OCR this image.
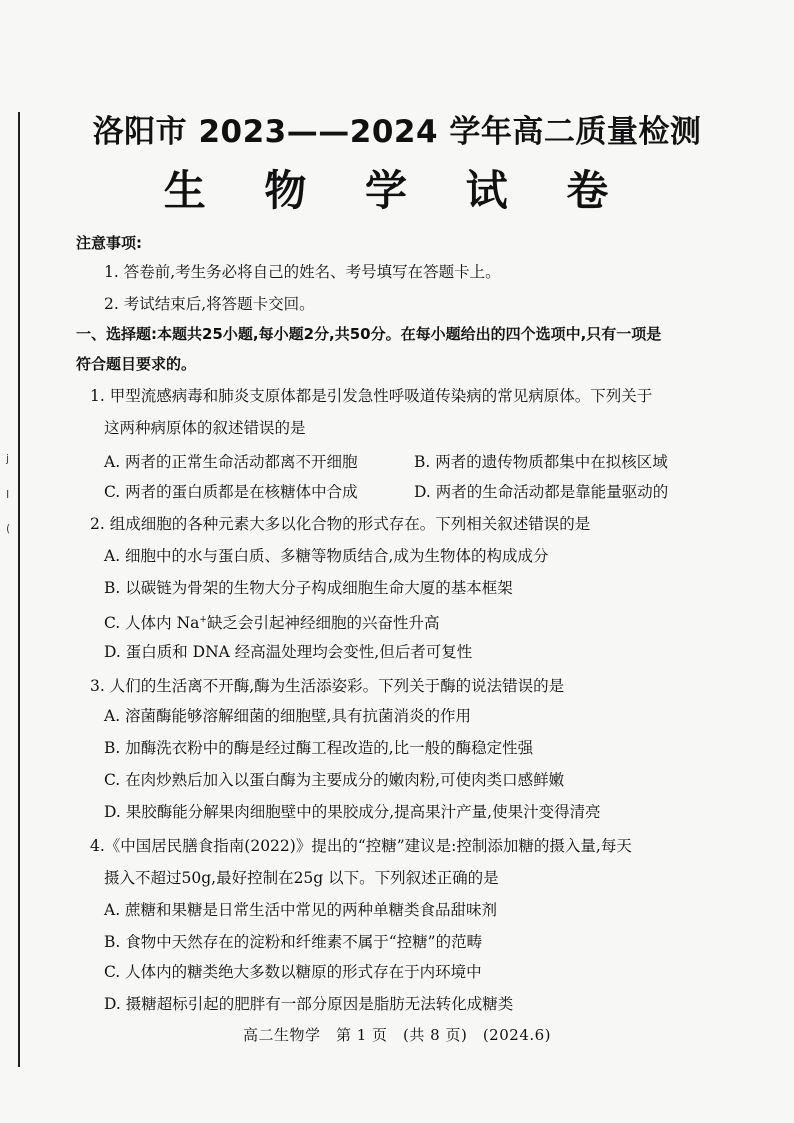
j
I
(
洛阳市 2023——2024 学年高二质量检测
生 物 学 试 卷
注意事项:
1. 答卷前,考生务必将自己的姓名、考号填写在答题卡上。
2. 考试结束后,将答题卡交回。
一、选择题:本题共25小题,每小题2分,共50分。在每小题给出的四个选项中,只有一项是
符合题目要求的。
1. 甲型流感病毒和肺炎支原体都是引发急性呼吸道传染病的常见病原体。下列关于
这两种病原体的叙述错误的是
A. 两者的正常生命活动都离不开细胞	B. 两者的遗传物质都集中在拟核区域
C. 两者的蛋白质都是在核糖体中合成	D. 两者的生命活动都是靠能量驱动的
2. 组成细胞的各种元素大多以化合物的形式存在。下列相关叙述错误的是
A. 细胞中的水与蛋白质、多糖等物质结合,成为生物体的构成成分
B. 以碳链为骨架的生物大分子构成细胞生命大厦的基本框架
C. 人体内 Na+缺乏会引起神经细胞的兴奋性升高
D. 蛋白质和 DNA 经高温处理均会变性,但后者可复性
3. 人们的生活离不开酶,酶为生活添姿彩。下列关于酶的说法错误的是
A. 溶菌酶能够溶解细菌的细胞壁,具有抗菌消炎的作用
B. 加酶洗衣粉中的酶是经过酶工程改造的,比一般的酶稳定性强
C. 在肉炒熟后加入以蛋白酶为主要成分的嫩肉粉,可使肉类口感鲜嫩
D. 果胶酶能分解果肉细胞壁中的果胶成分,提高果汁产量,使果汁变得清亮
4.《中国居民膳食指南(2022)》提出的“控糖”建议是:控制添加糖的摄入量,每天
摄入不超过50g,最好控制在25g 以下。下列叙述正确的是
A. 蔗糖和果糖是日常生活中常见的两种单糖类食品甜味剂
B. 食物中天然存在的淀粉和纤维素不属于“控糖”的范畴
C. 人体内的糖类绝大多数以糖原的形式存在于内环境中
D. 摄糖超标引起的肥胖有一部分原因是脂肪无法转化成糖类
高二生物学　第 1 页　(共 8 页)　(2024.6)
